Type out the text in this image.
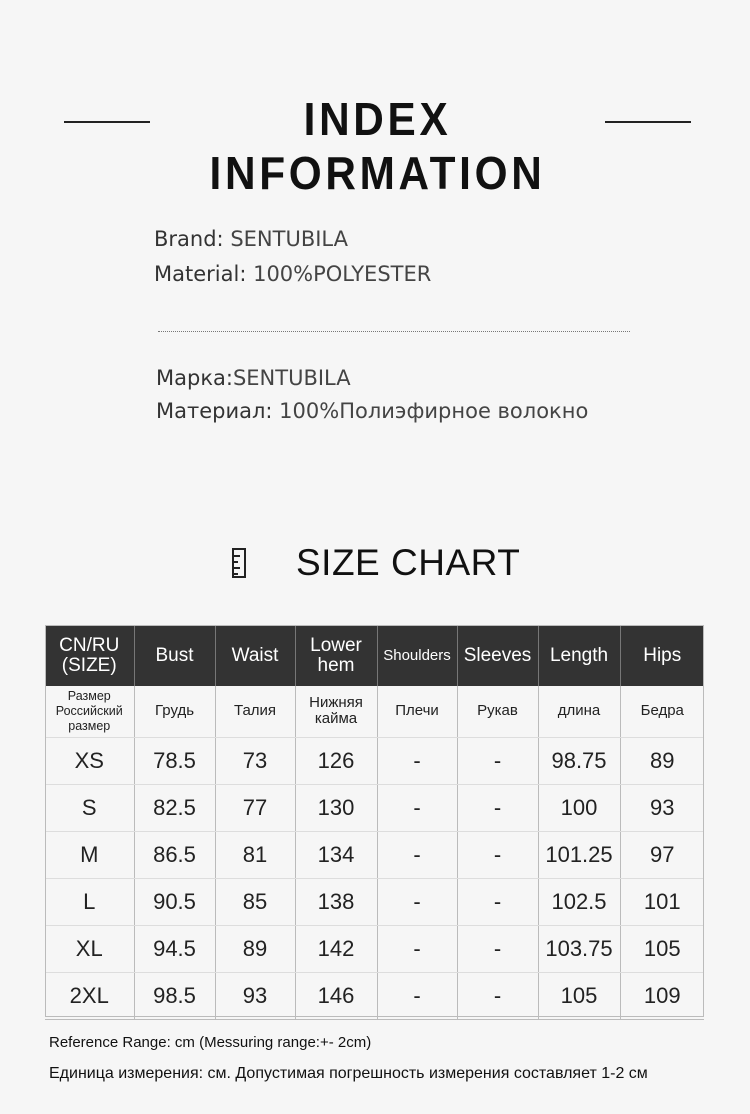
INDEX INFORMATION
Brand: SENTUBILA
Material: 100%POLYESTER
Марка:SENTUBILA
Материал: 100%Полиэфирное волокно
SIZE CHART
CN/RU (SIZE)	Bust	Waist	Lower hem	Shoulders	Sleeves	Length	Hips
Размер Российский размер	Грудь	Талия	Нижняя кайма	Плечи	Рукав	длина	Бедра
XS	78.5	73	126	-	-	98.75	89
S	82.5	77	130	-	-	100	93
M	86.5	81	134	-	-	101.25	97
L	90.5	85	138	-	-	102.5	101
XL	94.5	89	142	-	-	103.75	105
2XL	98.5	93	146	-	-	105	109
Reference Range: cm (Messuring range:+- 2cm)
Единица измерения: см. Допустимая погрешность измерения составляет 1-2 см
